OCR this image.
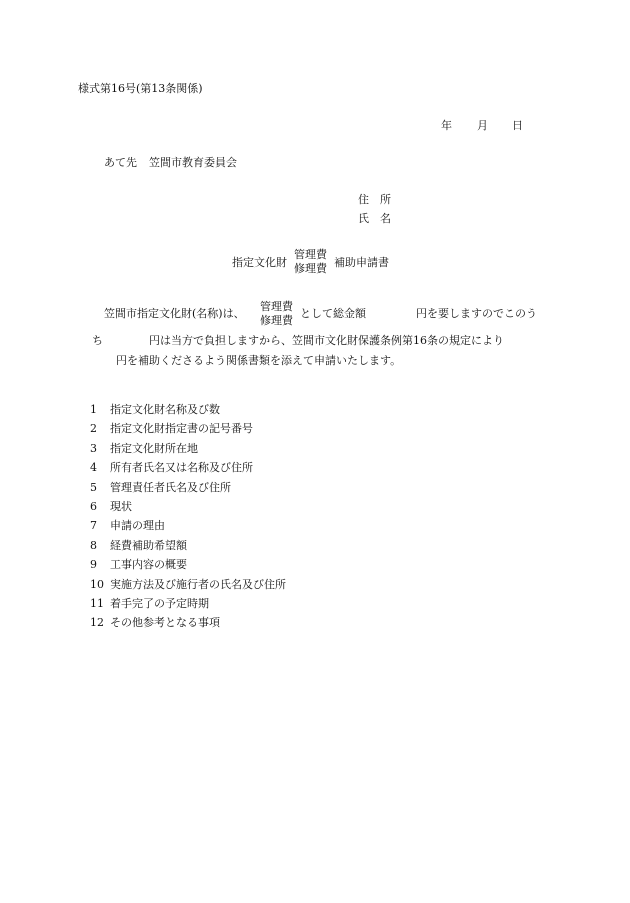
様式第16号(第13条関係)
年 月 日
あて先 笠間市教育委員会
住　所
氏　名
指定文化財
管理費
修理費 補助申請書
笠間市指定文化財(名称)は、
管理費
修理費
として総金額	円を要しますのでこのう
ち	円は当方で負担しますから、笠間市文化財保護条例第16条の規定により
円を補助くださるよう関係書類を添えて申請いたします。
1 指定文化財名称及び数
2 指定文化財指定書の記号番号
3 指定文化財所在地
4 所有者氏名又は名称及び住所
5 管理責任者氏名及び住所
6 現状
7 申請の理由
8 経費補助希望額
9 工事内容の概要
10 実施方法及び施行者の氏名及び住所
11 着手完了の予定時期
12 その他参考となる事項
